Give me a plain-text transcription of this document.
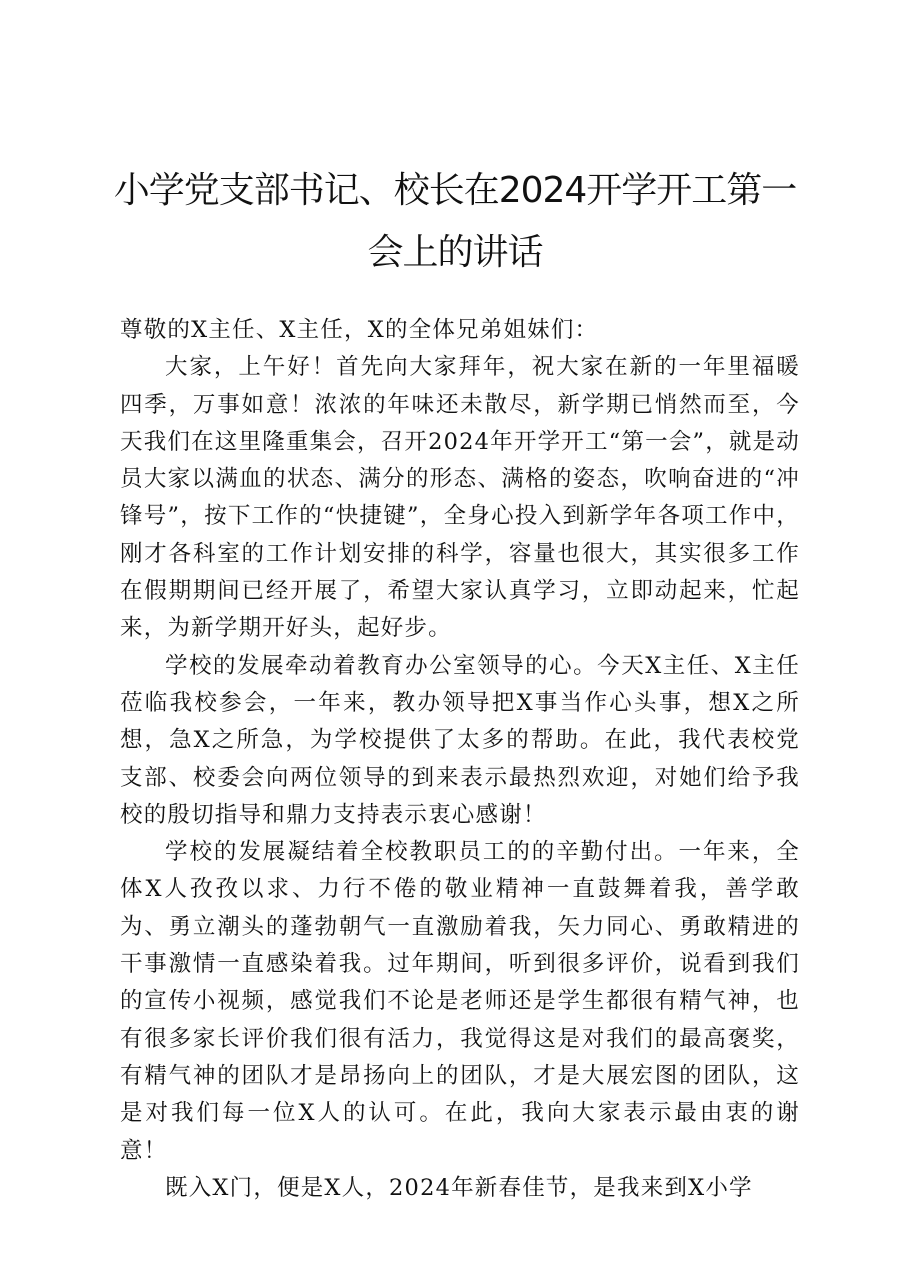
小学党支部书记、校长在2024开学开工第一
会上的讲话

尊敬的X主任、X主任，X的全体兄弟姐妹们：

大家，上午好！首先向大家拜年，祝大家在新的一年里福暖四季，万事如意！浓浓的年味还未散尽，新学期已悄然而至，今天我们在这里隆重集会，召开2024年开学开工“第一会”，就是动员大家以满血的状态、满分的形态、满格的姿态，吹响奋进的“冲锋号”，按下工作的“快捷键”，全身心投入到新学年各项工作中，刚才各科室的工作计划安排的科学，容量也很大，其实很多工作在假期期间已经开展了，希望大家认真学习，立即动起来，忙起来，为新学期开好头，起好步。

学校的发展牵动着教育办公室领导的心。今天X主任、X主任莅临我校参会，一年来，教办领导把X事当作心头事，想X之所想，急X之所急，为学校提供了太多的帮助。在此，我代表校党支部、校委会向两位领导的到来表示最热烈欢迎，对她们给予我校的殷切指导和鼎力支持表示衷心感谢！

学校的发展凝结着全校教职员工的的辛勤付出。一年来，全体X人孜孜以求、力行不倦的敬业精神一直鼓舞着我，善学敢为、勇立潮头的蓬勃朝气一直激励着我，矢力同心、勇敢精进的干事激情一直感染着我。过年期间，听到很多评价，说看到我们的宣传小视频，感觉我们不论是老师还是学生都很有精气神，也有很多家长评价我们很有活力，我觉得这是对我们的最高褒奖，有精气神的团队才是昂扬向上的团队，才是大展宏图的团队，这是对我们每一位X人的认可。在此，我向大家表示最由衷的谢意！

既入X门，便是X人，2024年新春佳节，是我来到X小学
